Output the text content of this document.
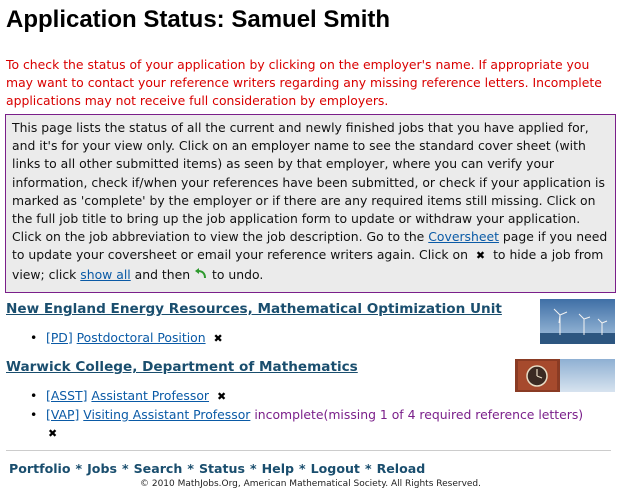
Application Status: Samuel Smith
To check the status of your application by clicking on the employer's name. If appropriate you may want to contact your reference writers regarding any missing reference letters. Incomplete applications may not receive full consideration by employers.
This page lists the status of all the current and newly finished jobs that you have applied for, and it's for your view only. Click on an employer name to see the standard cover sheet (with links to all other submitted items) as seen by that employer, where you can verify your information, check if/when your references have been submitted, or check if your application is marked as 'complete' by the employer or if there are any required items still missing. Click on the full job title to bring up the job application form to update or withdraw your application. Click on the job abbreviation to view the job description. Go to the Coversheet page if you need to update your coversheet or email your reference writers again. Click on ✖ to hide a job from view; click show all and then  to undo.
New England Energy Resources, Mathematical Optimization Unit
• [PD] Postdoctoral Position ✖
Warwick College, Department of Mathematics
• [ASST] Assistant Professor ✖
• [VAP] Visiting Assistant Professor incomplete(missing 1 of 4 required reference letters)
✖
Portfolio * Jobs * Search * Status * Help * Logout * Reload
© 2010 MathJobs.Org, American Mathematical Society. All Rights Reserved.
